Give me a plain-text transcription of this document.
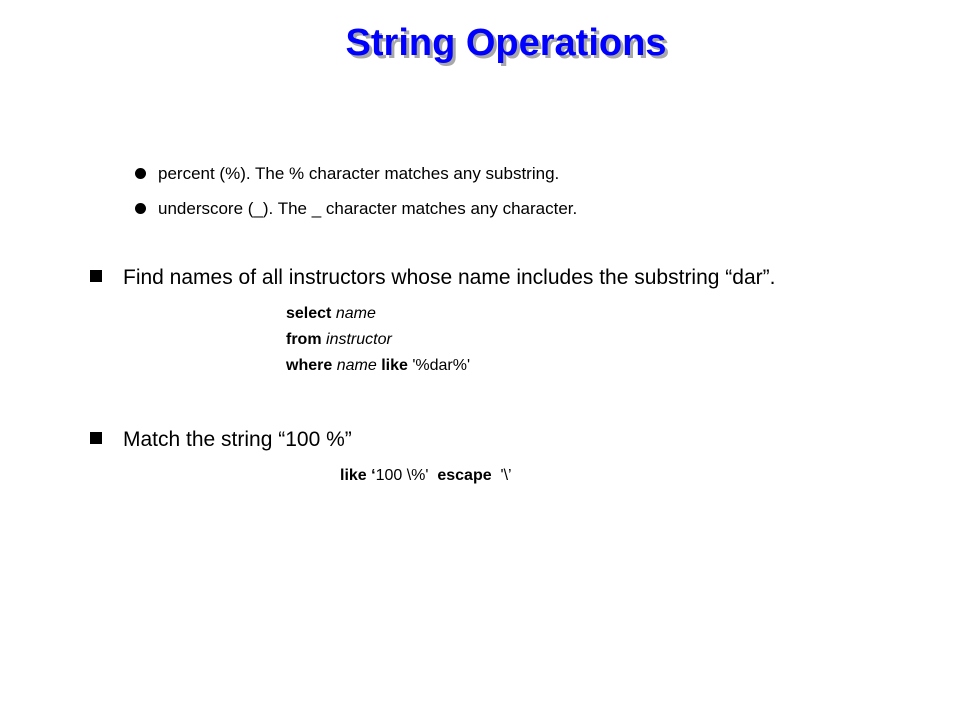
String Operations
percent (%). The % character matches any substring.
underscore (_). The _ character matches any character.
Find names of all instructors whose name includes the substring “dar”.
select name
from instructor
where name like '%dar%'
Match the string “100 %”
like ‘100 \%' escape '\’
